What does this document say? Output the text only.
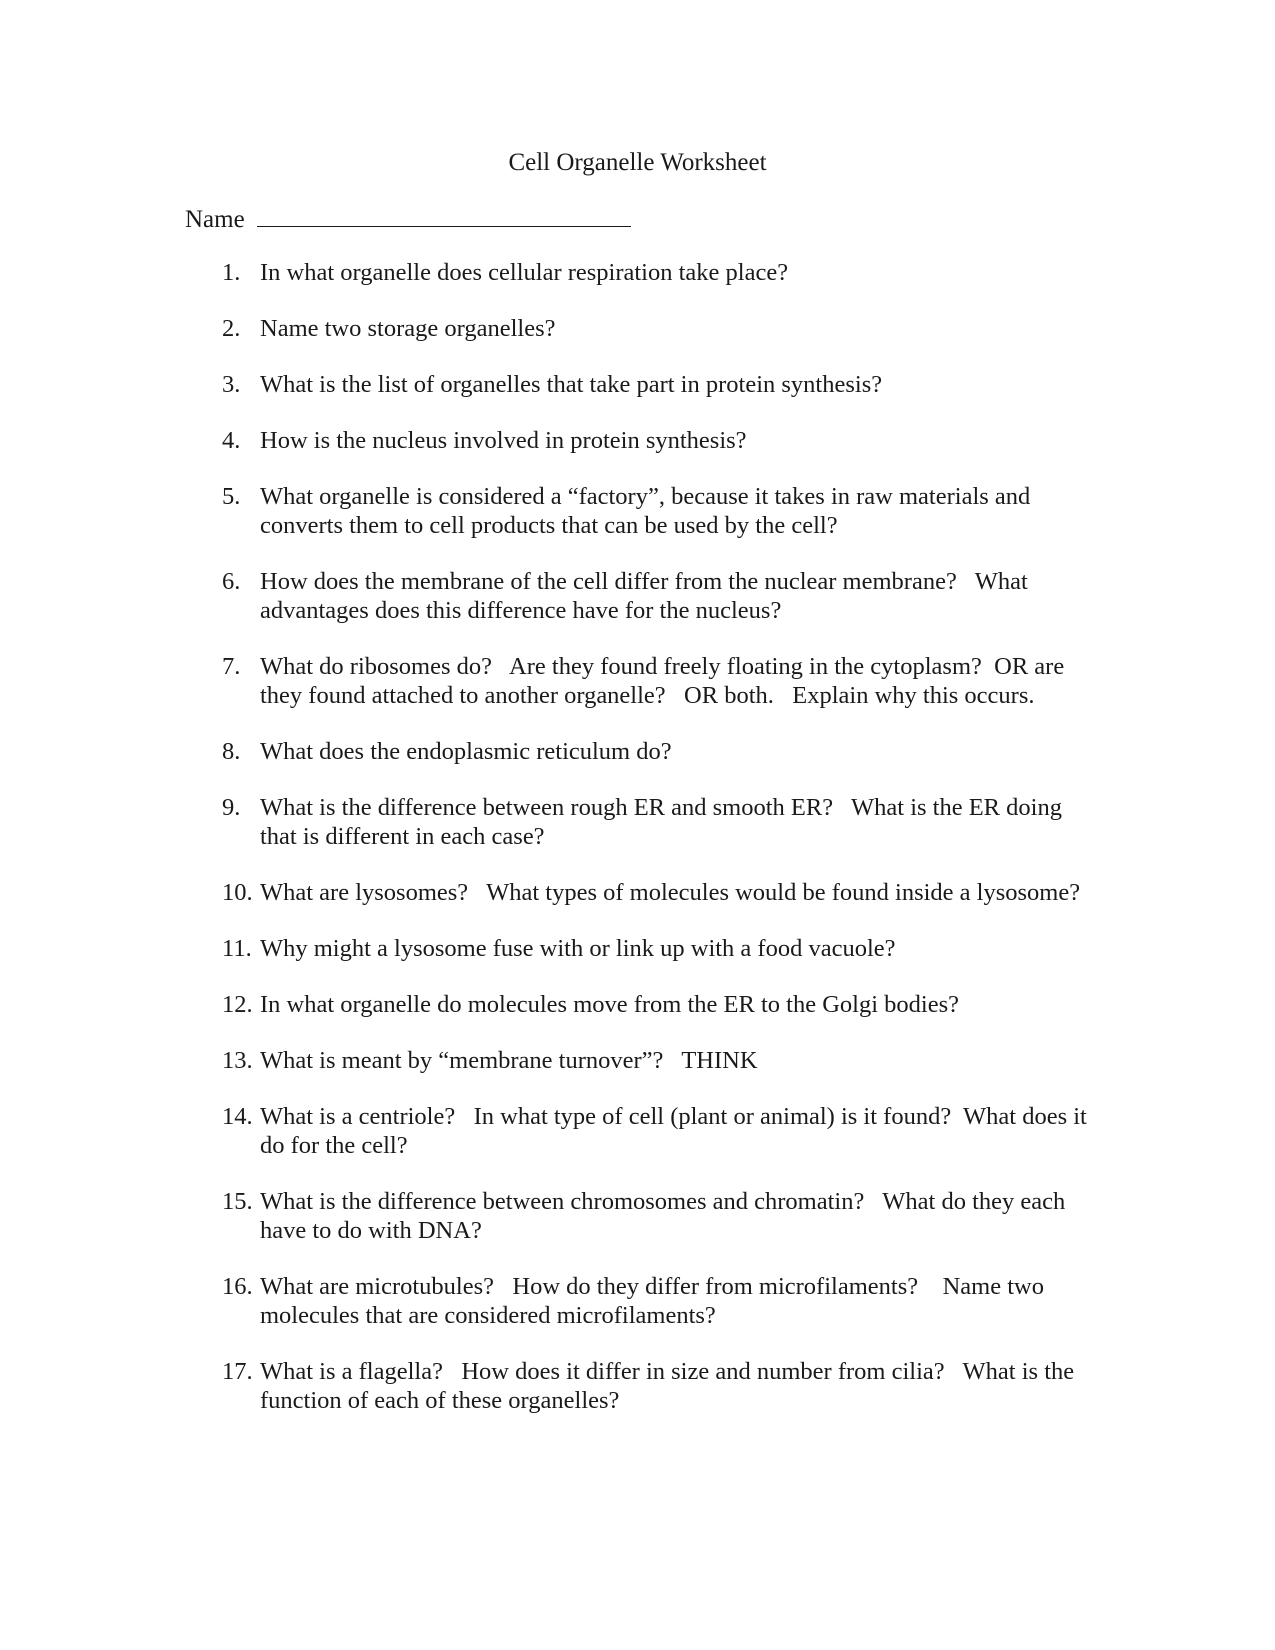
Cell Organelle Worksheet
Name
1. In what organelle does cellular respiration take place?
2. Name two storage organelles?
3. What is the list of organelles that take part in protein synthesis?
4. How is the nucleus involved in protein synthesis?
5. What organelle is considered a “factory”, because it takes in raw materials and converts them to cell products that can be used by the cell?
6. How does the membrane of the cell differ from the nuclear membrane?   What advantages does this difference have for the nucleus?
7. What do ribosomes do?   Are they found freely floating in the cytoplasm?  OR are they found attached to another organelle?   OR both.   Explain why this occurs.
8. What does the endoplasmic reticulum do?
9. What is the difference between rough ER and smooth ER?   What is the ER doing that is different in each case?
10. What are lysosomes?   What types of molecules would be found inside a lysosome?
11. Why might a lysosome fuse with or link up with a food vacuole?
12. In what organelle do molecules move from the ER to the Golgi bodies?
13. What is meant by “membrane turnover”?   THINK
14. What is a centriole?   In what type of cell (plant or animal) is it found?  What does it do for the cell?
15. What is the difference between chromosomes and chromatin?   What do they each have to do with DNA?
16. What are microtubules?   How do they differ from microfilaments?    Name two molecules that are considered microfilaments?
17. What is a flagella?   How does it differ in size and number from cilia?   What is the function of each of these organelles?
